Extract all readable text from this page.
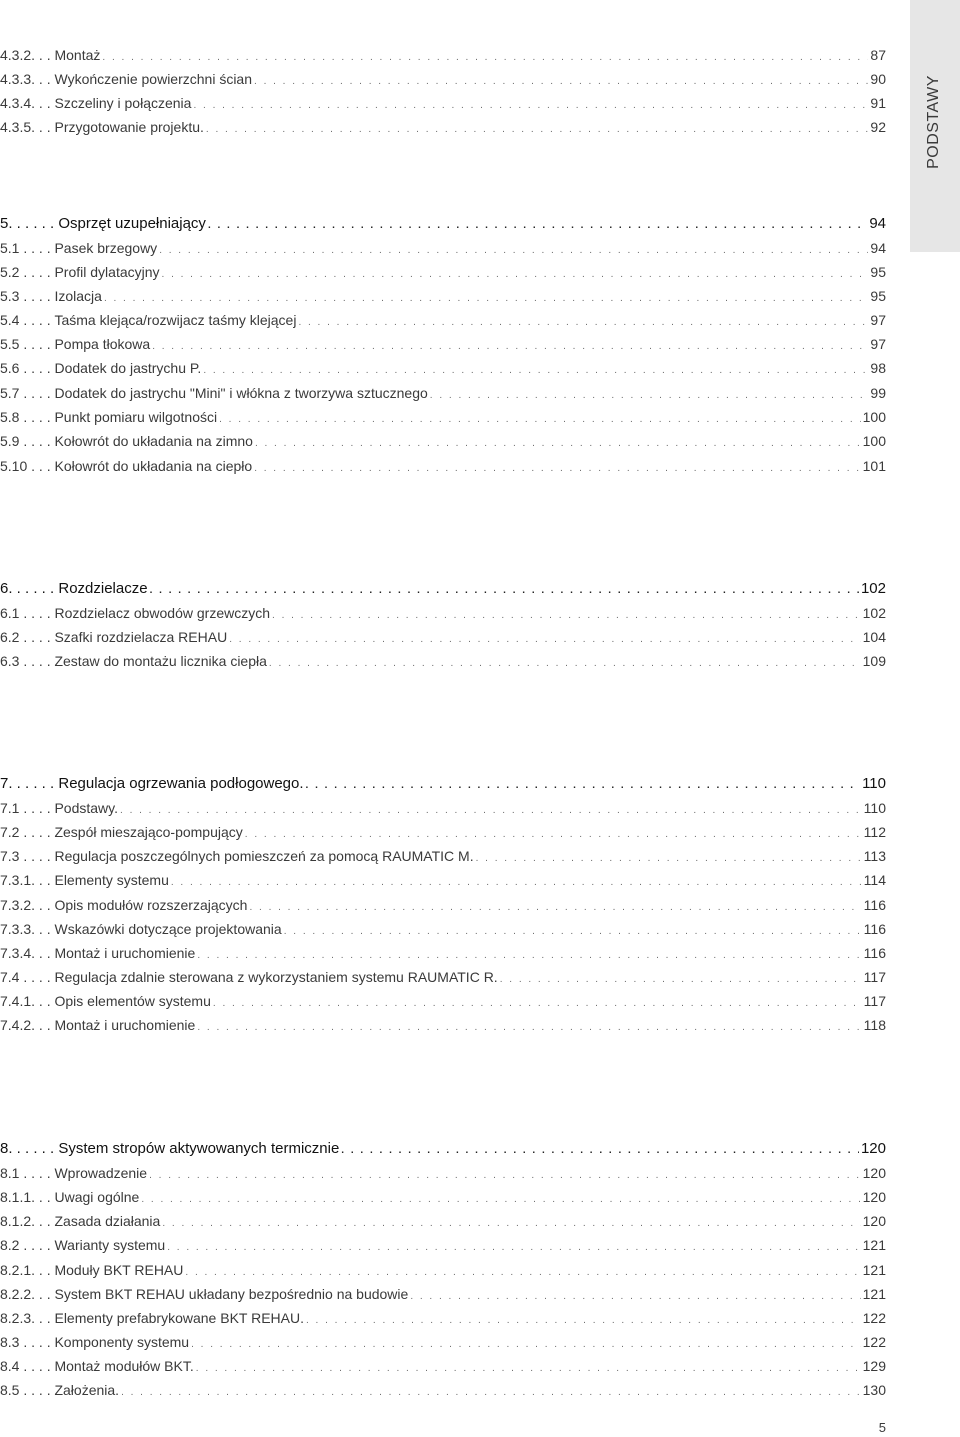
PODSTAWY
4.3.2. . . Montaż . . .	87
4.3.3. . . Wykończenie powierzchni ścian . . .	90
4.3.4. . . Szczeliny i połączenia . . .	91
4.3.5. . . Przygotowanie projektu. . . .	92
5. . . . . . Osprzęt uzupełniający . . .	94
5.1 . . . . Pasek brzegowy . . .	94
5.2 . . . . Profil dylatacyjny . . .	95
5.3 . . . . Izolacja . . .	95
5.4 . . . . Taśma klejąca/rozwijacz taśmy klejącej . . .	97
5.5 . . . . Pompa tłokowa . . .	97
5.6 . . . . Dodatek do jastrychu P. . . .	98
5.7 . . . . Dodatek do jastrychu "Mini" i włókna z tworzywa sztucznego . . .	99
5.8 . . . . Punkt pomiaru wilgotności . . .	100
5.9 . . . . Kołowrót do układania na zimno . . .	100
5.10 . . . Kołowrót do układania na ciepło . . .	101
6. . . . . . Rozdzielacze . . .	102
6.1 . . . . Rozdzielacz obwodów grzewczych . . .	102
6.2 . . . . Szafki rozdzielacza REHAU . . .	104
6.3 . . . . Zestaw do montażu licznika ciepła . . .	109
7. . . . . . Regulacja ogrzewania podłogowego. . . .	110
7.1 . . . . Podstawy. . . .	110
7.2 . . . . Zespół mieszająco-pompujący . . .	112
7.3 . . . . Regulacja poszczególnych pomieszczeń za pomocą RAUMATIC M. . . .	113
7.3.1. . . Elementy systemu . . .	114
7.3.2. . . Opis modułów rozszerzających . . .	116
7.3.3. . . Wskazówki dotyczące projektowania . . .	116
7.3.4. . . Montaż i uruchomienie . . .	116
7.4 . . . . Regulacja zdalnie sterowana z wykorzystaniem systemu RAUMATIC R. . . .	117
7.4.1. . . Opis elementów systemu . . .	117
7.4.2. . . Montaż i uruchomienie . . .	118
8. . . . . . System stropów aktywowanych termicznie . . .	120
8.1 . . . . Wprowadzenie . . .	120
8.1.1. . . Uwagi ogólne . . .	120
8.1.2. . . Zasada działania . . .	120
8.2 . . . . Warianty systemu . . .	121
8.2.1. . . Moduły BKT REHAU . . .	121
8.2.2. . . System BKT REHAU układany bezpośrednio na budowie . . .	121
8.2.3. . . Elementy prefabrykowane BKT REHAU. . . .	122
8.3 . . . . Komponenty systemu . . .	122
8.4 . . . . Montaż modułów BKT. . . .	129
8.5 . . . . Założenia. . . .	130
5
